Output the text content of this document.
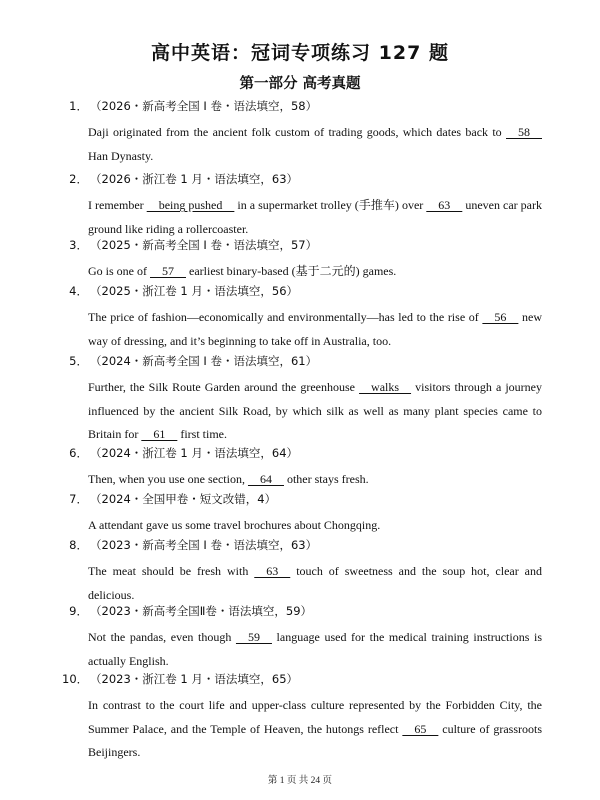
高中英语：冠词专项练习 127 题
第一部分 高考真题
1． （2026・新高考全国 I 卷・语法填空，58）
Daji originated from the ancient folk custom of trading goods, which dates back to     58     Han Dynasty.
2． （2026・浙江卷 1 月・语法填空，63）
I remember     being pushed     in a supermarket trolley (手推车) over     63     uneven car park ground like riding a rollercoaster.
3． （2025・新高考全国 I 卷・语法填空，57）
Go is one of     57     earliest binary-based (基于二元的) games.
4． （2025・浙江卷 1 月・语法填空，56）
The price of fashion—economically and environmentally—has led to the rise of     56     new way of dressing, and it’s beginning to take off in Australia, too.
5． （2024・新高考全国 I 卷・语法填空，61）
Further, the Silk Route Garden around the greenhouse     walks     visitors through a journey influenced by the ancient Silk Road, by which silk as well as many plant species came to Britain for     61     first time.
6． （2024・浙江卷 1 月・语法填空，64）
Then, when you use one section,     64     other stays fresh.
7． （2024・全国甲卷・短文改错，4）
A attendant gave us some travel brochures about Chongqing.
8． （2023・新高考全国 I 卷・语法填空，63）
The meat should be fresh with     63     touch of sweetness and the soup hot, clear and delicious.
9． （2023・新高考全国Ⅱ卷・语法填空，59）
Not the pandas, even though     59     language used for the medical training instructions is actually English.
10． （2023・浙江卷 1 月・语法填空，65）
In contrast to the court life and upper-class culture represented by the Forbidden City, the Summer Palace, and the Temple of Heaven, the hutongs reflect     65     culture of grassroots Beijingers.
第 1 页 共 24 页
